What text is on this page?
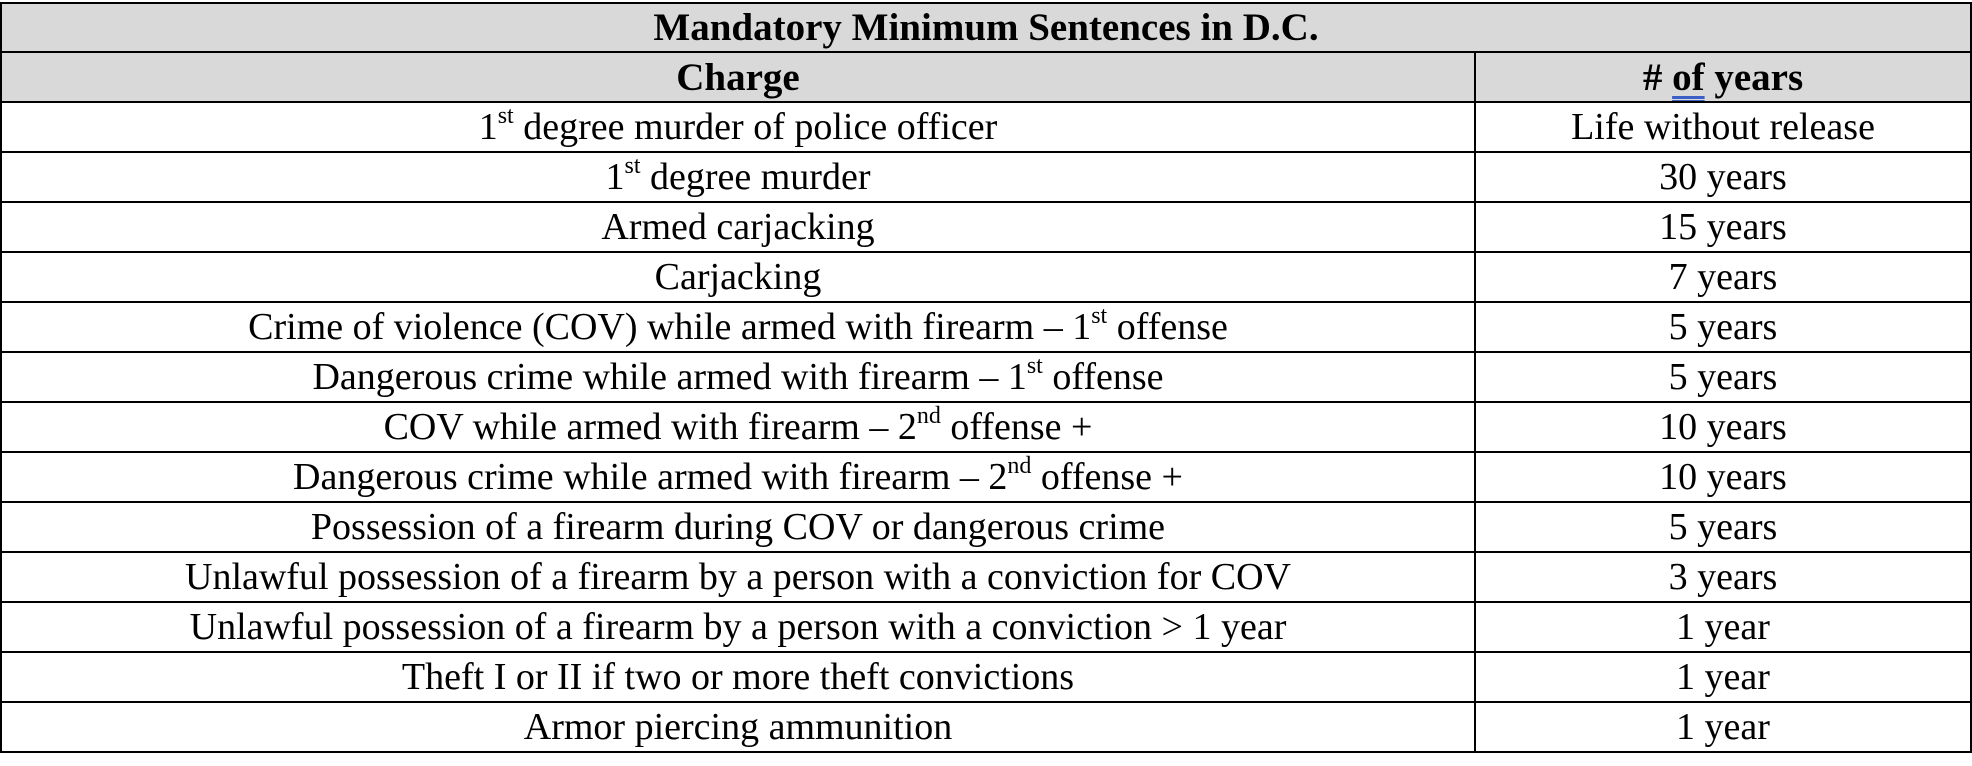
Mandatory Minimum Sentences in D.C.	
Charge	# of years
1st degree murder of police officer	Life without release
1st degree murder	30 years
Armed carjacking	15 years
Carjacking	7 years
Crime of violence (COV) while armed with firearm – 1st offense	5 years
Dangerous crime while armed with firearm – 1st offense	5 years
COV while armed with firearm – 2nd offense +	10 years
Dangerous crime while armed with firearm – 2nd offense +	10 years
Possession of a firearm during COV or dangerous crime	5 years
Unlawful possession of a firearm by a person with a conviction for COV	3 years
Unlawful possession of a firearm by a person with a conviction > 1 year	1 year
Theft I or II if two or more theft convictions	1 year
Armor piercing ammunition	1 year
